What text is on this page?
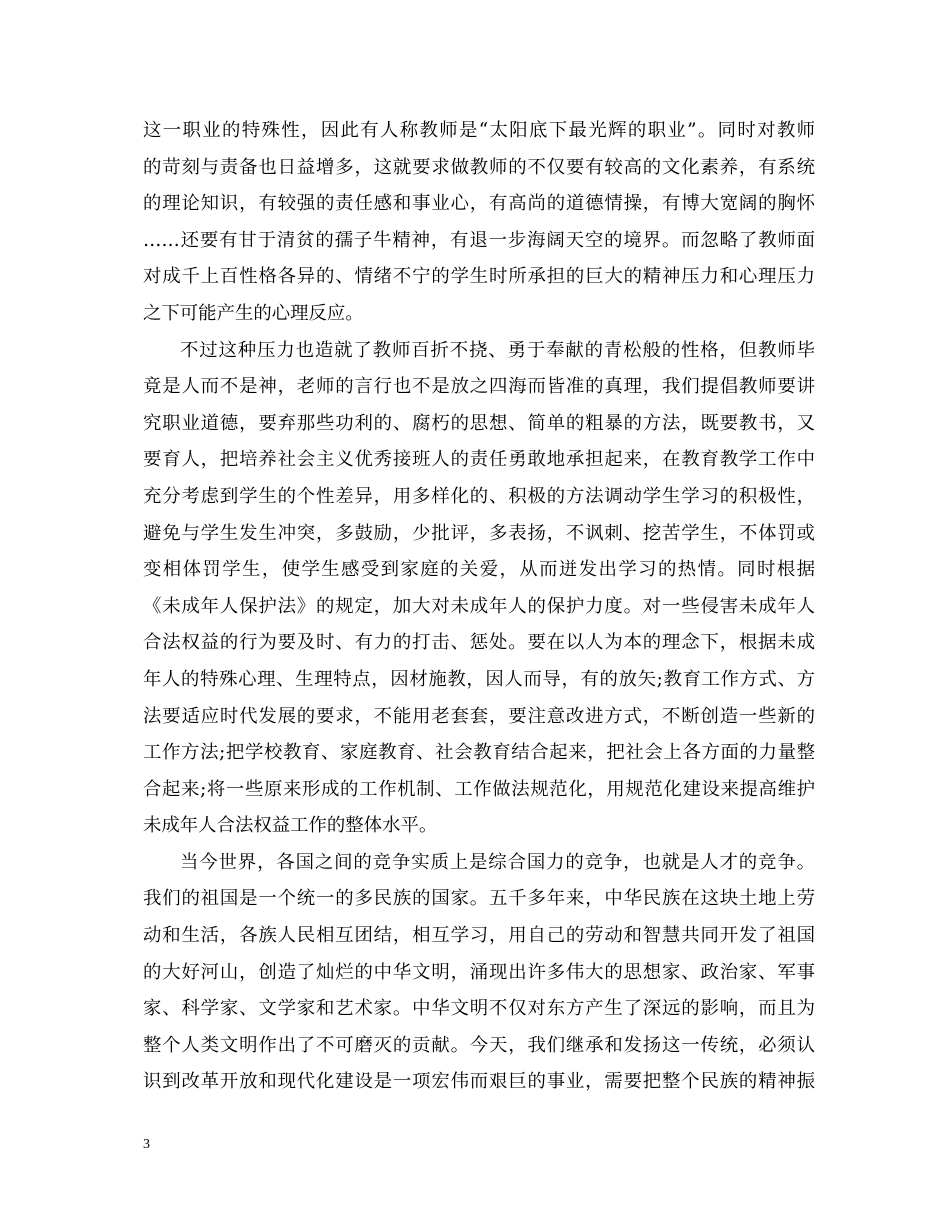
这一职业的特殊性，因此有人称教师是“太阳底下最光辉的职业”。同时对教师
的苛刻与责备也日益增多，这就要求做教师的不仅要有较高的文化素养，有系统
的理论知识，有较强的责任感和事业心，有高尚的道德情操，有博大宽阔的胸怀
……还要有甘于清贫的孺子牛精神，有退一步海阔天空的境界。而忽略了教师面
对成千上百性格各异的、情绪不宁的学生时所承担的巨大的精神压力和心理压力
之下可能产生的心理反应。
不过这种压力也造就了教师百折不挠、勇于奉献的青松般的性格，但教师毕
竟是人而不是神，老师的言行也不是放之四海而皆准的真理，我们提倡教师要讲
究职业道德，要弃那些功利的、腐朽的思想、简单的粗暴的方法，既要教书，又
要育人，把培养社会主义优秀接班人的责任勇敢地承担起来，在教育教学工作中
充分考虑到学生的个性差异，用多样化的、积极的方法调动学生学习的积极性，
避免与学生发生冲突，多鼓励，少批评，多表扬，不讽刺、挖苦学生，不体罚或
变相体罚学生，使学生感受到家庭的关爱，从而迸发出学习的热情。同时根据
《未成年人保护法》的规定，加大对未成年人的保护力度。对一些侵害未成年人
合法权益的行为要及时、有力的打击、惩处。要在以人为本的理念下，根据未成
年人的特殊心理、生理特点，因材施教，因人而导，有的放矢;教育工作方式、方
法要适应时代发展的要求，不能用老套套，要注意改进方式，不断创造一些新的
工作方法;把学校教育、家庭教育、社会教育结合起来，把社会上各方面的力量整
合起来;将一些原来形成的工作机制、工作做法规范化，用规范化建设来提高维护
未成年人合法权益工作的整体水平。
当今世界，各国之间的竞争实质上是综合国力的竞争，也就是人才的竞争。
我们的祖国是一个统一的多民族的国家。五千多年来，中华民族在这块土地上劳
动和生活，各族人民相互团结，相互学习，用自己的劳动和智慧共同开发了祖国
的大好河山，创造了灿烂的中华文明，涌现出许多伟大的思想家、政治家、军事
家、科学家、文学家和艺术家。中华文明不仅对东方产生了深远的影响，而且为
整个人类文明作出了不可磨灭的贡献。今天，我们继承和发扬这一传统，必须认
识到改革开放和现代化建设是一项宏伟而艰巨的事业，需要把整个民族的精神振
3
